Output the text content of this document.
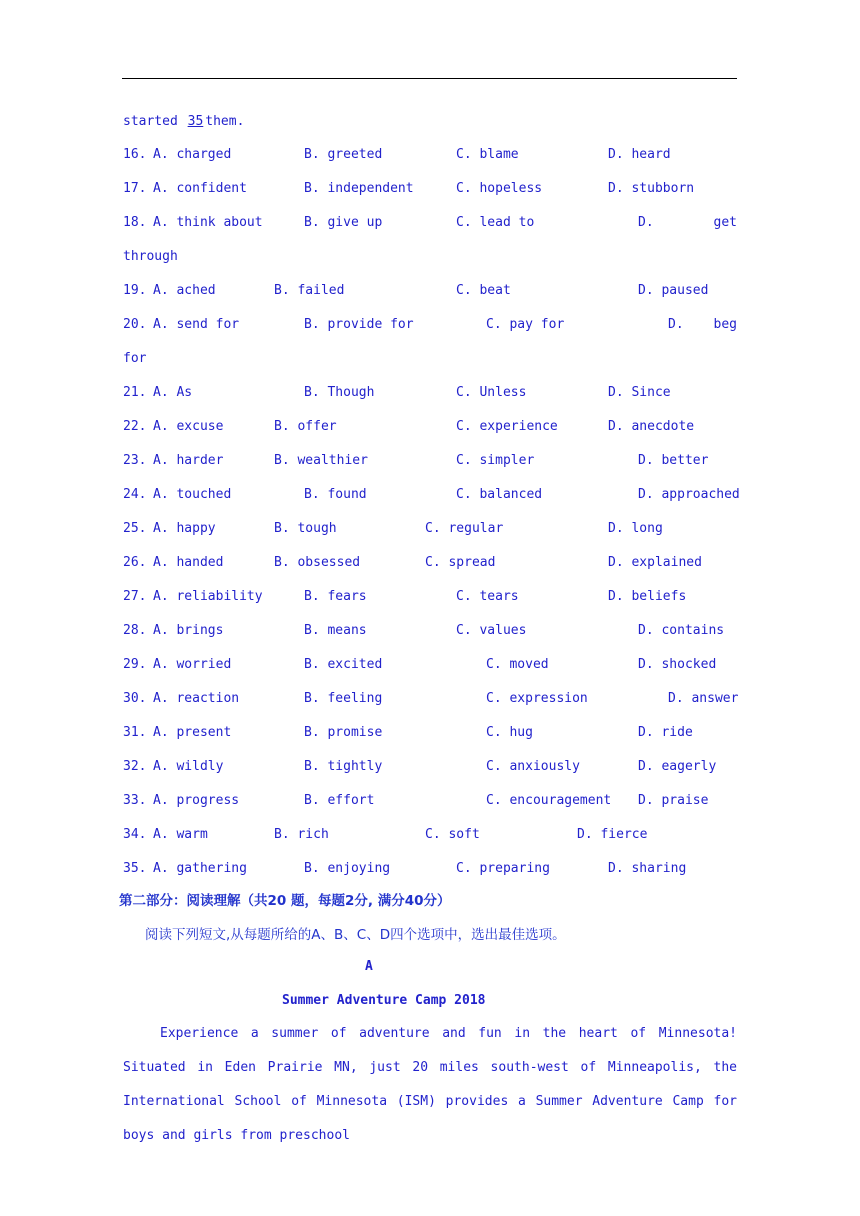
started 35 them.
16. A. charged	B. greeted	C. blame	D. heard
17. A. confident	B. independent	C. hopeless	D. stubborn
18. A. think about	B. give up	C. lead to	D.	get
through
19. A. ached	B. failed	C. beat	D. paused
20. A. send for	B. provide for	C. pay for	D. beg
for
21. A. As	B. Though	C. Unless	D. Since
22. A. excuse	B. offer	C. experience	D. anecdote
23. A. harder	B. wealthier	C. simpler	D. better
24. A. touched	B. found	C. balanced	D. approached
25. A. happy	B. tough	C. regular	D. long
26. A. handed	B. obsessed	C. spread	D. explained
27. A. reliability	B. fears	C. tears	D. beliefs
28. A. brings	B. means	C. values	D. contains
29. A. worried	B. excited	C. moved	D. shocked
30. A. reaction	B. feeling	C. expression	D. answer
31. A. present	B. promise	C. hug	D. ride
32. A. wildly	B. tightly	C. anxiously	D. eagerly
33. A. progress	B. effort	C. encouragement D. praise
34. A. warm	B. rich	C. soft	D. fierce
35. A. gathering	B. enjoying	C. preparing	D. sharing
第二部分：阅读理解（共20 题，每题2分, 满分40分）
阅读下列短文,从每题所给的A、B、C、D四个选项中，选出最佳选项。
A
Summer Adventure Camp 2018
Experience a summer of adventure and fun in the heart of Minnesota! Situated in Eden Prairie MN, just 20 miles south-west of Minneapolis, the International School of Minnesota (ISM) provides a Summer Adventure Camp for boys and girls from preschool
